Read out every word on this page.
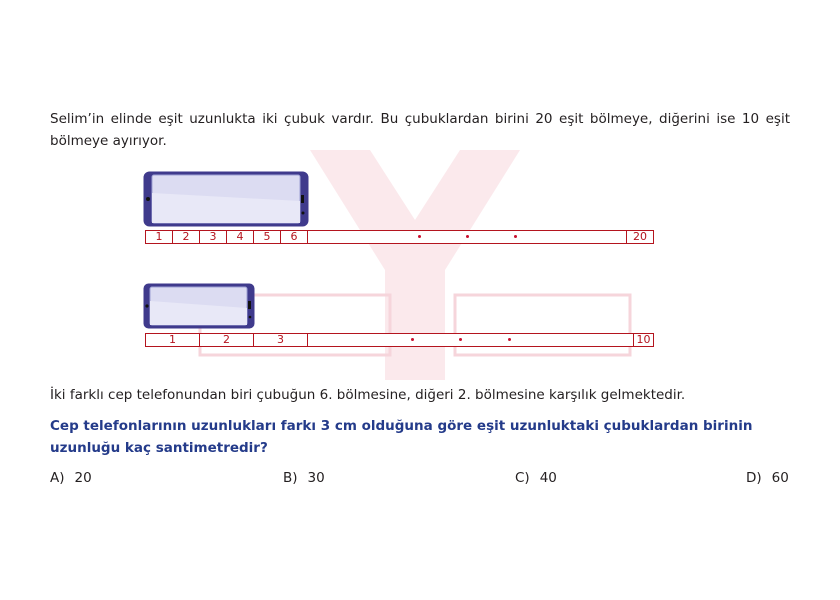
Selim’in elinde eşit uzunlukta iki çubuk vardır. Bu çubuklardan birini 20 eşit bölmeye, diğerini ise 10 eşit bölmeye ayırıyor.

1	2	3	4	5	6	20
1	2	3	10

İki farklı cep telefonundan biri çubuğun 6. bölmesine, diğeri 2. bölmesine karşılık gelmektedir.

Cep telefonlarının uzunlukları farkı 3 cm olduğuna göre eşit uzunluktaki çubuklardan birinin uzunluğu kaç santimetredir?

A) 20	B) 30	C) 40	D) 60
